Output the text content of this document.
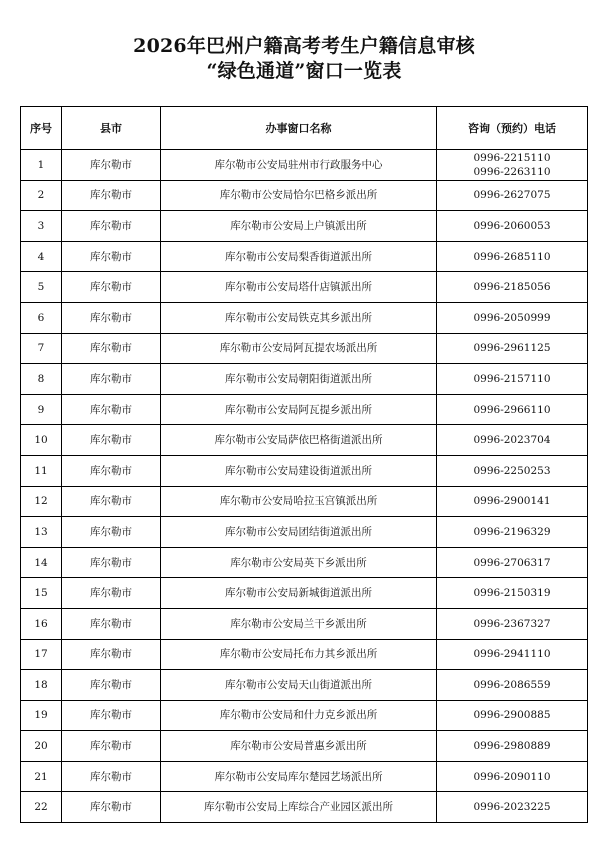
2026年巴州户籍高考考生户籍信息审核
“绿色通道”窗口一览表
序号	县市	办事窗口名称	咨询（预约）电话
1	库尔勒市	库尔勒市公安局驻州市行政服务中心	0996-2215110
0996-2263110

2	库尔勒市	库尔勒市公安局恰尔巴格乡派出所	0996-2627075

3	库尔勒市	库尔勒市公安局上户镇派出所	0996-2060053

4	库尔勒市	库尔勒市公安局梨香街道派出所	0996-2685110

5	库尔勒市	库尔勒市公安局塔什店镇派出所	0996-2185056

6	库尔勒市	库尔勒市公安局铁克其乡派出所	0996-2050999

7	库尔勒市	库尔勒市公安局阿瓦提农场派出所	0996-2961125

8	库尔勒市	库尔勒市公安局朝阳街道派出所	0996-2157110

9	库尔勒市	库尔勒市公安局阿瓦提乡派出所	0996-2966110

10	库尔勒市	库尔勒市公安局萨依巴格街道派出所	0996-2023704

11	库尔勒市	库尔勒市公安局建设街道派出所	0996-2250253

12	库尔勒市	库尔勒市公安局哈拉玉宫镇派出所	0996-2900141

13	库尔勒市	库尔勒市公安局团结街道派出所	0996-2196329

14	库尔勒市	库尔勒市公安局英下乡派出所	0996-2706317

15	库尔勒市	库尔勒市公安局新城街道派出所	0996-2150319

16	库尔勒市	库尔勒市公安局兰干乡派出所	0996-2367327

17	库尔勒市	库尔勒市公安局托布力其乡派出所	0996-2941110

18	库尔勒市	库尔勒市公安局天山街道派出所	0996-2086559

19	库尔勒市	库尔勒市公安局和什力克乡派出所	0996-2900885

20	库尔勒市	库尔勒市公安局普惠乡派出所	0996-2980889

21	库尔勒市	库尔勒市公安局库尔楚园艺场派出所	0996-2090110

22	库尔勒市	库尔勒市公安局上库综合产业园区派出所	0996-2023225
